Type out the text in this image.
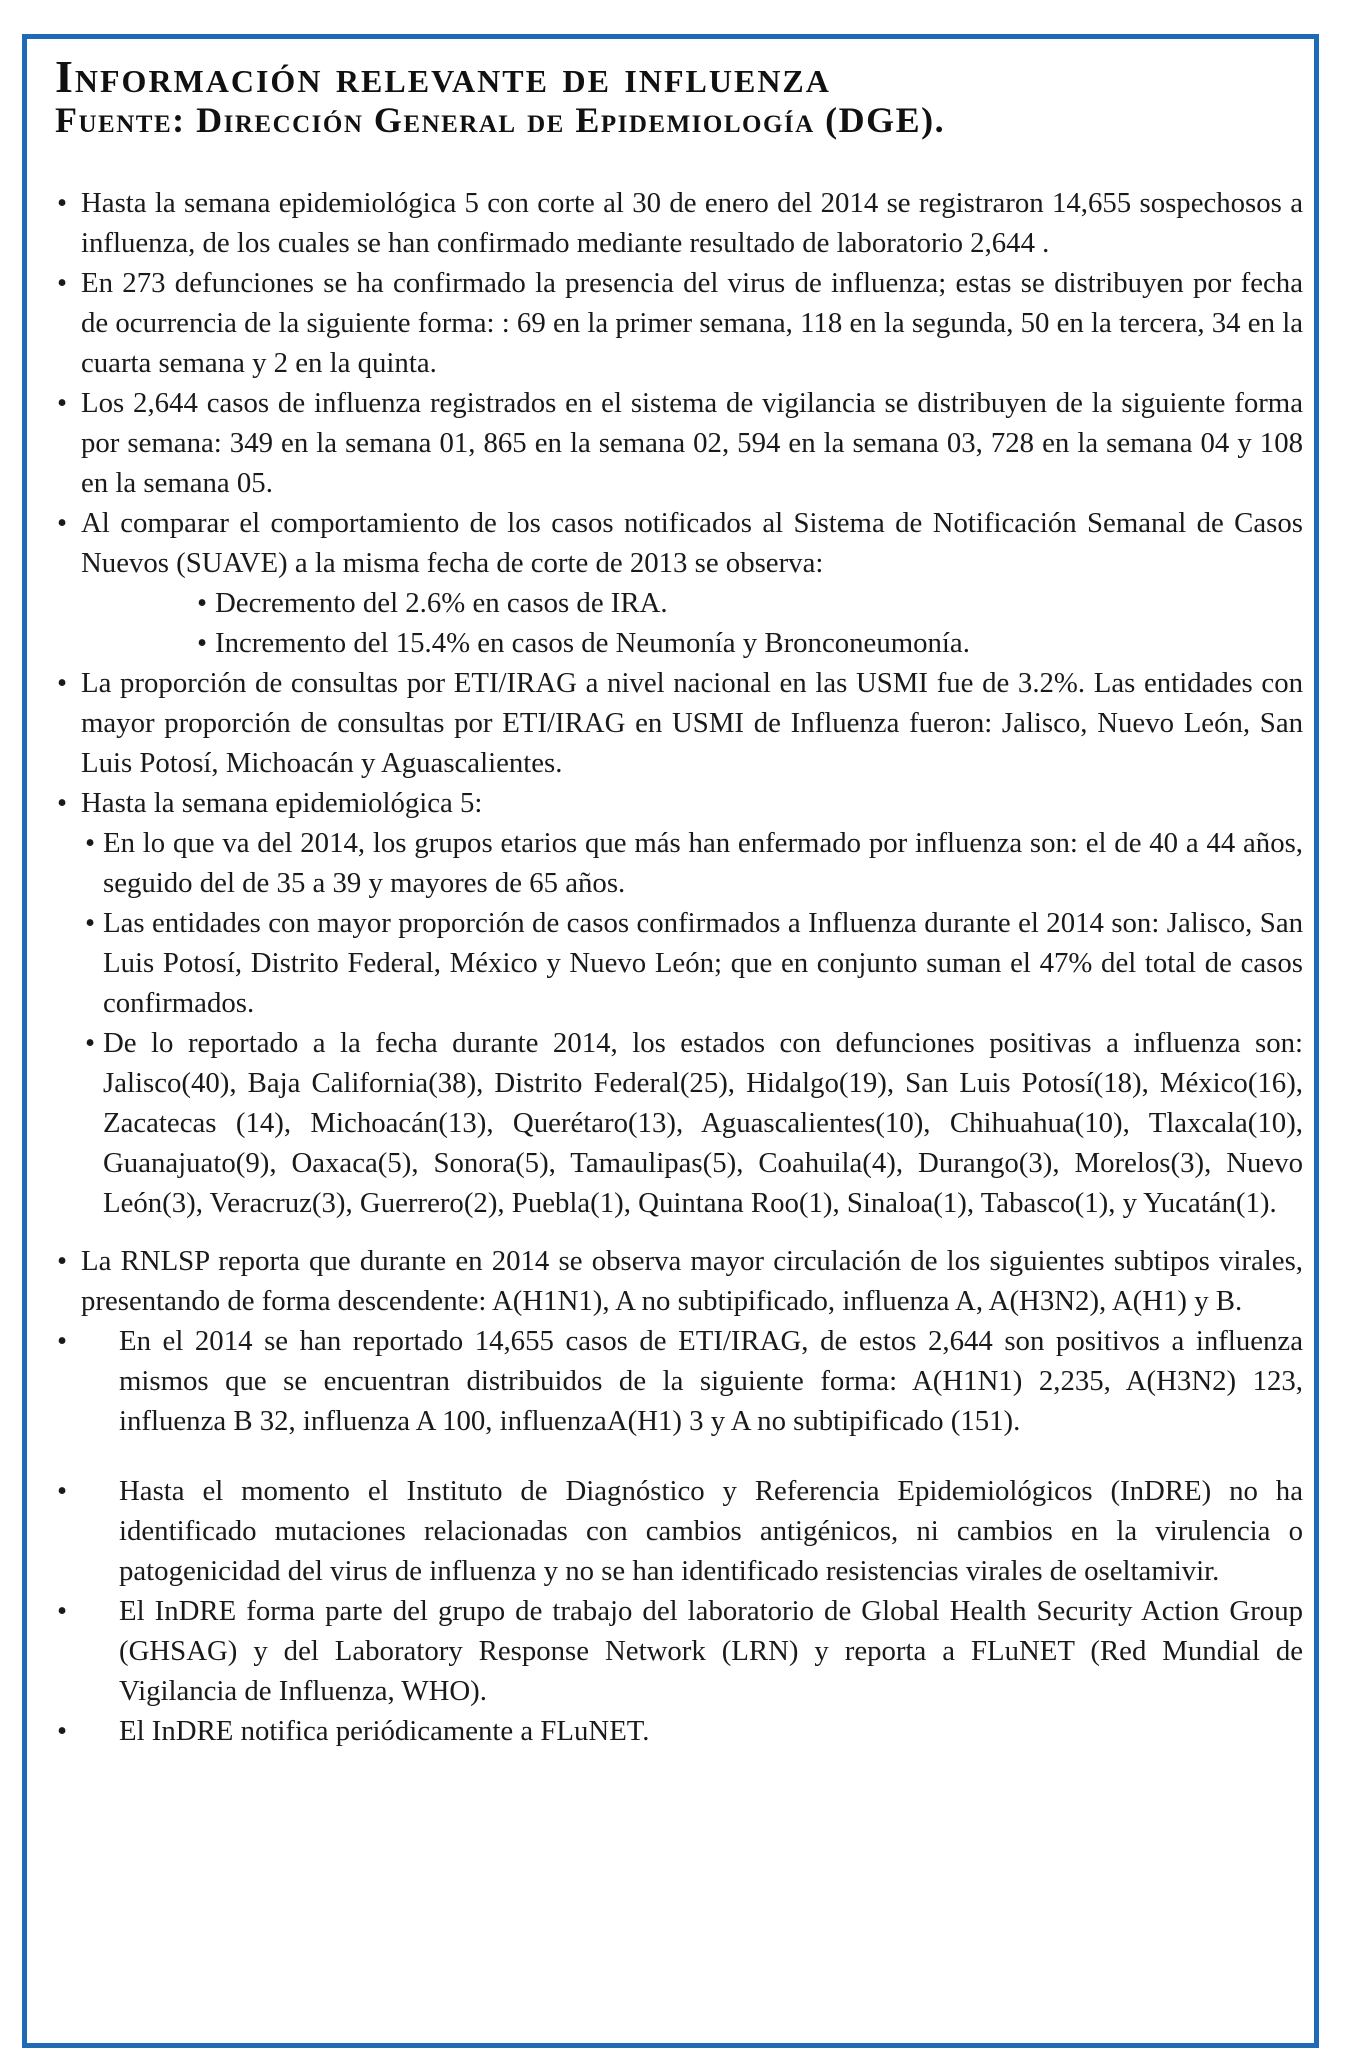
Información relevante de influenza
Fuente: Dirección General de Epidemiología (DGE).
• Hasta la semana epidemiológica 5 con corte al 30 de enero del 2014 se registraron 14,655 sospechosos a influenza, de los cuales se han confirmado mediante resultado de laboratorio 2,644 .
• En 273 defunciones se ha confirmado la presencia del virus de influenza; estas se distribuyen por fecha de ocurrencia de la siguiente forma: : 69 en la primer semana, 118 en la segunda, 50 en la tercera, 34 en la cuarta semana y 2 en la quinta.
• Los 2,644 casos de influenza registrados en el sistema de vigilancia se distribuyen de la siguiente forma por semana: 349 en la semana 01, 865 en la semana 02, 594 en la semana 03, 728 en la semana 04 y 108 en la semana 05.
• Al comparar el comportamiento de los casos notificados al Sistema de Notificación Semanal de Casos Nuevos (SUAVE) a la misma fecha de corte de 2013 se observa:
• Decremento del 2.6% en casos de IRA.
• Incremento del 15.4% en casos de Neumonía y Bronconeumonía.
• La proporción de consultas por ETI/IRAG a nivel nacional en las USMI fue de 3.2%. Las entidades con mayor proporción de consultas por ETI/IRAG en USMI de Influenza fueron: Jalisco, Nuevo León, San Luis Potosí, Michoacán y Aguascalientes.
• Hasta la semana epidemiológica 5:
• En lo que va del 2014, los grupos etarios que más han enfermado por influenza son: el de 40 a 44 años, seguido del de 35 a 39 y mayores de 65 años.
• Las entidades con mayor proporción de casos confirmados a Influenza durante el 2014 son: Jalisco, San Luis Potosí, Distrito Federal, México y Nuevo León; que en conjunto suman el 47% del total de casos confirmados.
• De lo reportado a la fecha durante 2014, los estados con defunciones positivas a influenza son: Jalisco(40), Baja California(38), Distrito Federal(25), Hidalgo(19), San Luis Potosí(18), México(16), Zacatecas (14), Michoacán(13), Querétaro(13), Aguascalientes(10), Chihuahua(10), Tlaxcala(10), Guanajuato(9), Oaxaca(5), Sonora(5), Tamaulipas(5), Coahuila(4), Durango(3), Morelos(3), Nuevo León(3), Veracruz(3), Guerrero(2), Puebla(1), Quintana Roo(1), Sinaloa(1), Tabasco(1), y Yucatán(1).
• La RNLSP reporta que durante en 2014 se observa mayor circulación de los siguientes subtipos virales, presentando de forma descendente: A(H1N1), A no subtipificado, influenza A, A(H3N2), A(H1) y B.
• En el 2014 se han reportado 14,655 casos de ETI/IRAG, de estos 2,644 son positivos a influenza mismos que se encuentran distribuidos de la siguiente forma: A(H1N1) 2,235, A(H3N2) 123, influenza B 32, influenza A 100, influenzaA(H1) 3 y A no subtipificado (151).
• Hasta el momento el Instituto de Diagnóstico y Referencia Epidemiológicos (InDRE) no ha identificado mutaciones relacionadas con cambios antigénicos, ni cambios en la virulencia o patogenicidad del virus de influenza y no se han identificado resistencias virales de oseltamivir.
• El InDRE forma parte del grupo de trabajo del laboratorio de Global Health Security Action Group (GHSAG) y del Laboratory Response Network (LRN) y reporta a FLuNET (Red Mundial de Vigilancia de Influenza, WHO).
• El InDRE notifica periódicamente a FLuNET.
